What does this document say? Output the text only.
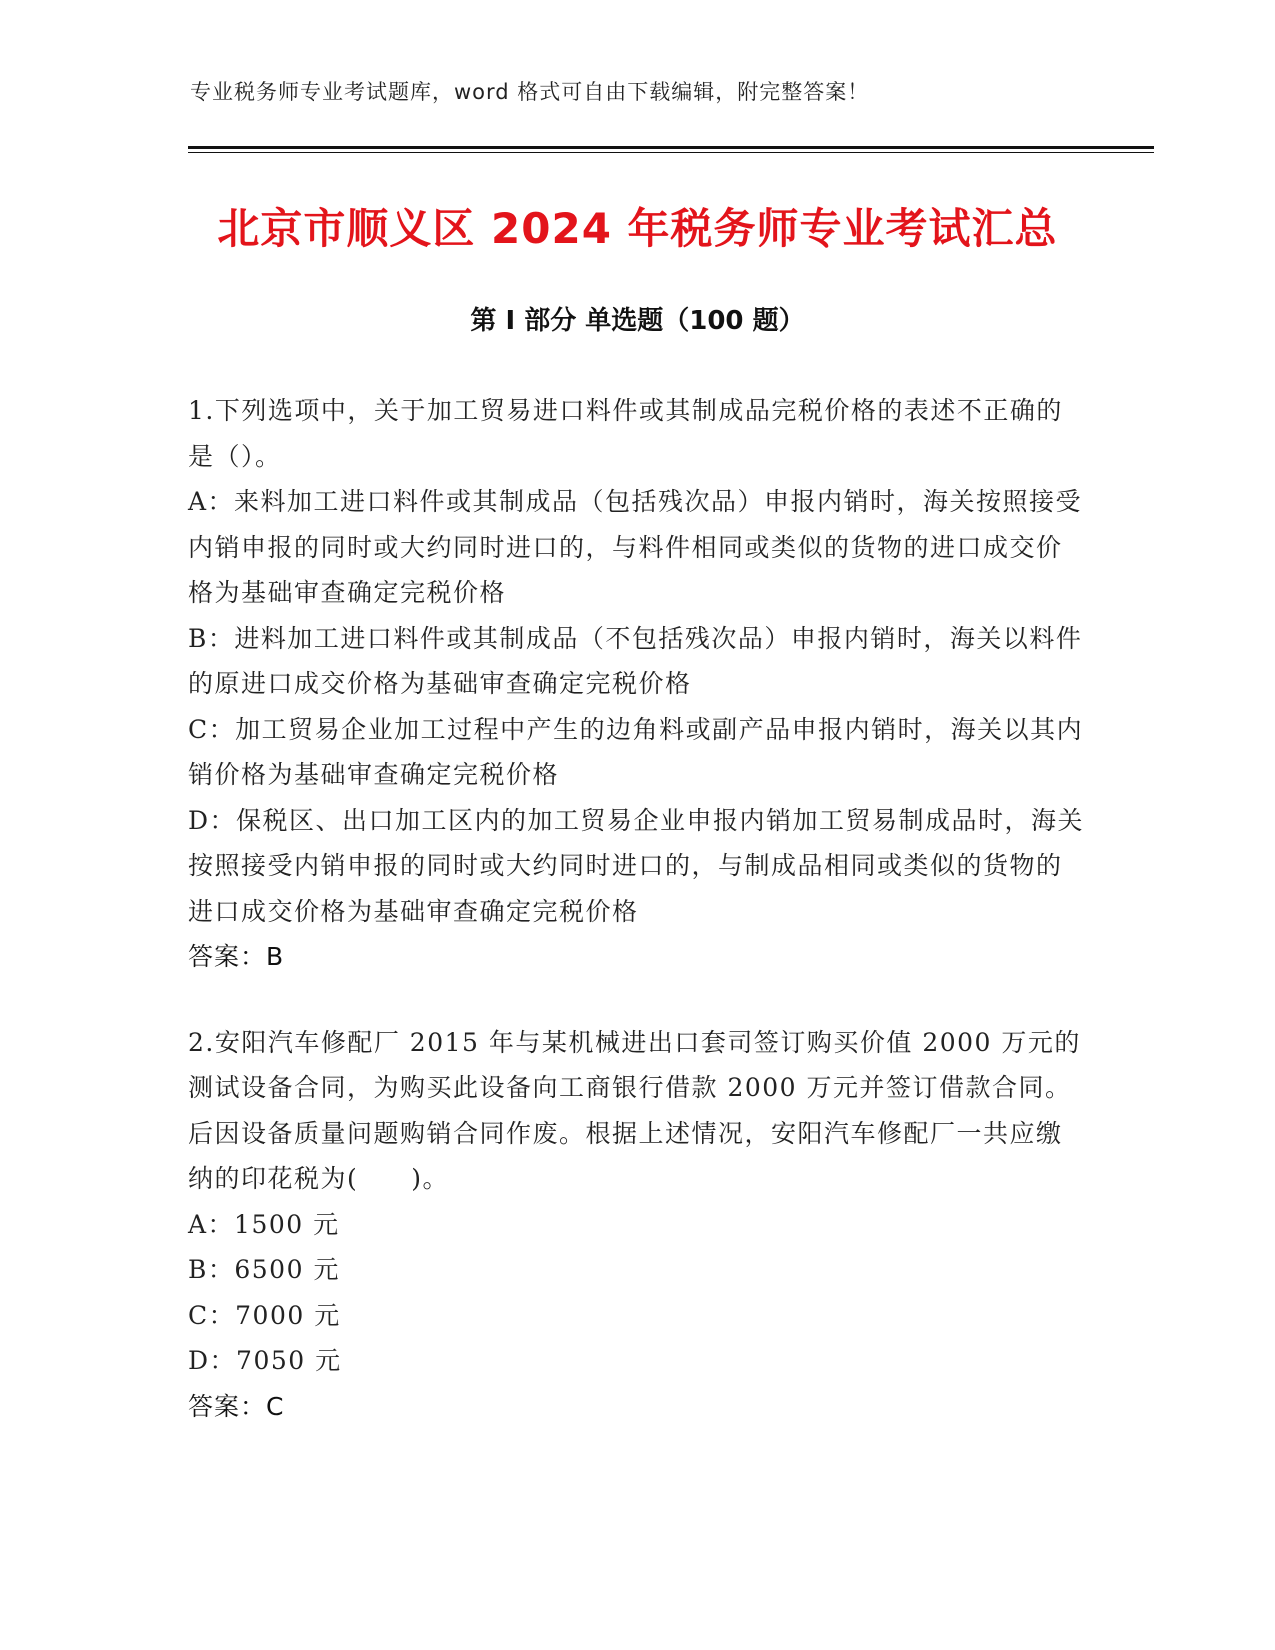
专业税务师专业考试题库，word 格式可自由下载编辑，附完整答案！
北京市顺义区 2024 年税务师专业考试汇总
第 I 部分 单选题（100 题）

1.下列选项中，关于加工贸易进口料件或其制成品完税价格的表述不正确的是（）。

A：来料加工进口料件或其制成品（包括残次品）申报内销时，海关按照接受内销申报的同时或大约同时进口的，与料件相同或类似的货物的进口成交价格为基础审查确定完税价格

B：进料加工进口料件或其制成品（不包括残次品）申报内销时，海关以料件的原进口成交价格为基础审查确定完税价格

C：加工贸易企业加工过程中产生的边角料或副产品申报内销时，海关以其内销价格为基础审查确定完税价格

D：保税区、出口加工区内的加工贸易企业申报内销加工贸易制成品时，海关按照接受内销申报的同时或大约同时进口的，与制成品相同或类似的货物的进口成交价格为基础审查确定完税价格

答案：B

2.安阳汽车修配厂 2015 年与某机械进出口套司签订购买价值 2000 万元的测试设备合同，为购买此设备向工商银行借款 2000 万元并签订借款合同。后因设备质量问题购销合同作废。根据上述情况，安阳汽车修配厂一共应缴纳的印花税为(　　)。

A：1500 元

B：6500 元

C：7000 元

D：7050 元

答案：C
